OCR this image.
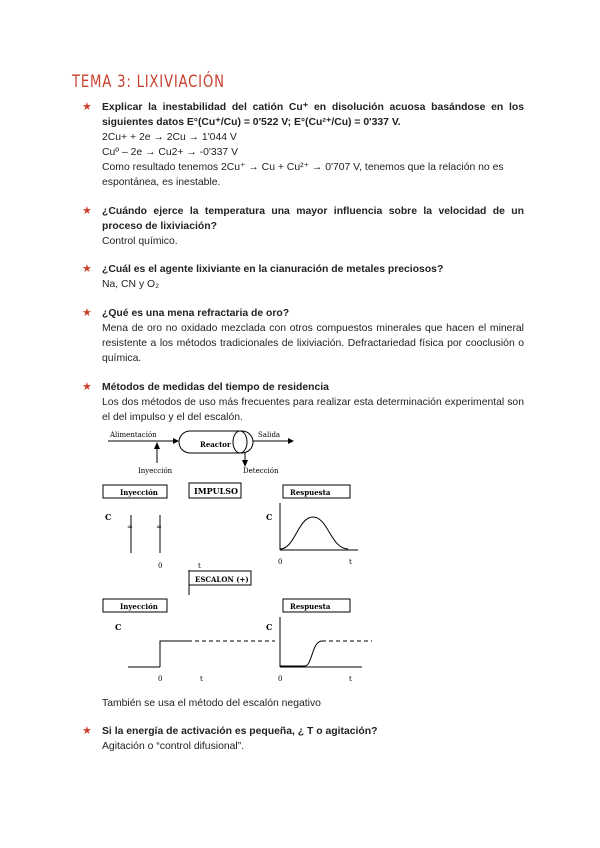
TEMA 3: LIXIVIACIÓN
★ Explicar la inestabilidad del catión Cu⁺ en disolución acuosa basándose en los siguientes datos E°(Cu⁺/Cu) = 0'522 V; E°(Cu²⁺/Cu) = 0'337 V.
2Cu+ + 2e → 2Cu → 1'044 V
Cuº – 2e → Cu2+ → -0'337 V
Como resultado tenemos 2Cu⁺ → Cu + Cu²⁺ → 0'707 V, tenemos que la relación no es espontánea, es inestable.
★ ¿Cuándo ejerce la temperatura una mayor influencia sobre la velocidad de un proceso de lixiviación?
Control químico.
★ ¿Cuál es el agente lixiviante en la cianuración de metales preciosos?
Na, CN y O₂
★ ¿Qué es una mena refractaria de oro?
Mena de oro no oxidado mezclada con otros compuestos minerales que hacen el mineral resistente a los métodos tradicionales de lixiviación. Defractariedad física por cooclusión o química.
★ Métodos de medidas del tiempo de residencia
Los dos métodos de uso más frecuentes para realizar esta determinación experimental son el del impulso y el del escalón.
Alimentación
Reactor
Salida
Inyección	Detección
Inyección	IMPULSO	Respuesta
C
≈	≈
0	t
C
0	t
ESCALON (+)
Inyección	Respuesta
C
0	t
C
0	t
También se usa el método del escalón negativo
★ Si la energía de activación es pequeña, ¿ T o agitación?
Agitación o “control difusional”.
